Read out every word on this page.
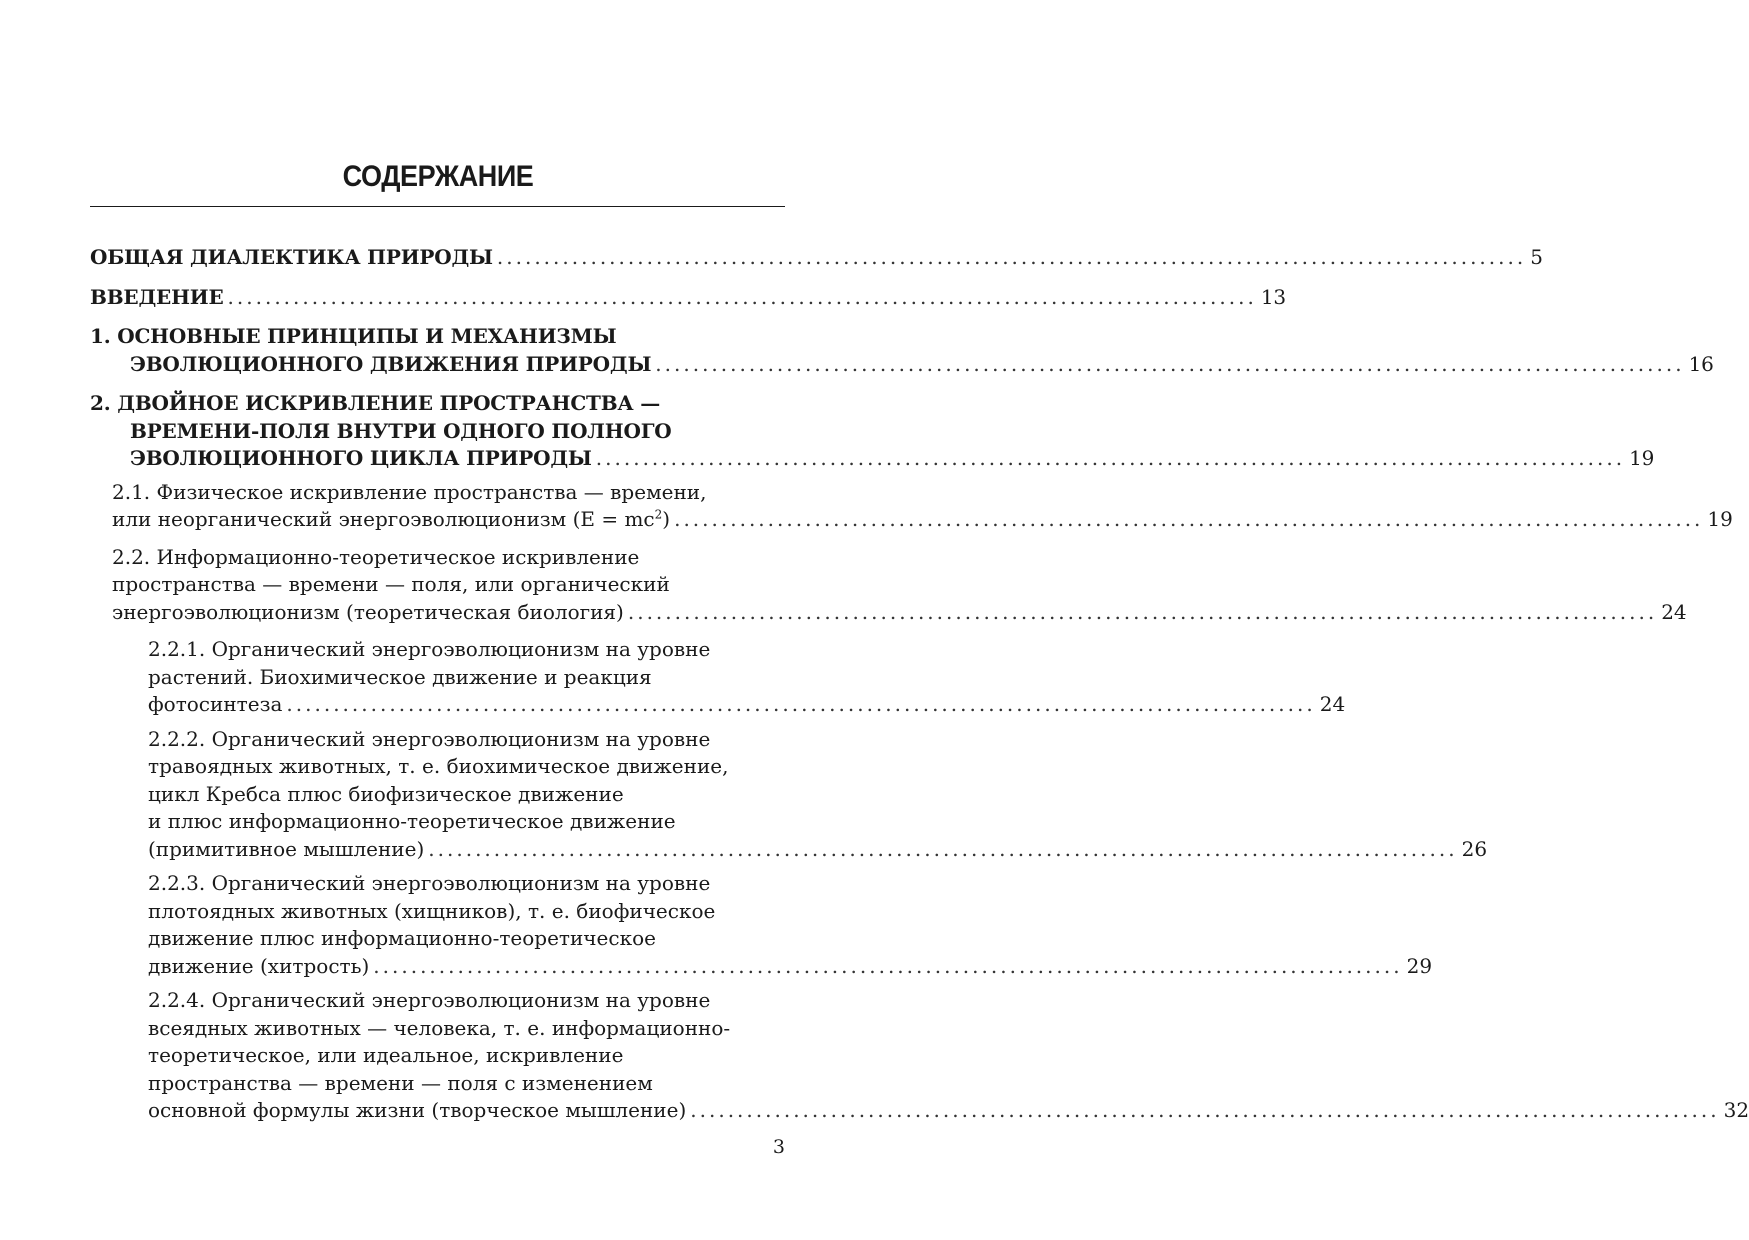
СОДЕРЖАНИЕ
ОБЩАЯ ДИАЛЕКТИКА ПРИРОДЫ .............................................................................................................. 5
ВВЕДЕНИЕ .............................................................................................................. 13
1. ОСНОВНЫЕ ПРИНЦИПЫ И МЕХАНИЗМЫ
ЭВОЛЮЦИОННОГО ДВИЖЕНИЯ ПРИРОДЫ .............................................................................................................. 16
2. ДВОЙНОЕ ИСКРИВЛЕНИЕ ПРОСТРАНСТВА —
ВРЕМЕНИ-ПОЛЯ ВНУТРИ ОДНОГО ПОЛНОГО
ЭВОЛЮЦИОННОГО ЦИКЛА ПРИРОДЫ .............................................................................................................. 19
2.1. Физическое искривление пространства — времени,
или неорганический энергоэволюционизм $(E = mc^2)$ .............................................................................................................. 19
2.2. Информационно-теоретическое искривление
пространства — времени — поля, или органический
энергоэволюционизм (теоретическая биология) .............................................................................................................. 24
2.2.1. Органический энергоэволюционизм на уровне
растений. Биохимическое движение и реакция
фотосинтеза .............................................................................................................. 24
2.2.2. Органический энергоэволюционизм на уровне
травоядных животных, т. е. биохимическое движение,
цикл Кребса плюс биофизическое движение
и плюс информационно-теоретическое движение
(примитивное мышление) .............................................................................................................. 26
2.2.3. Органический энергоэволюционизм на уровне
плотоядных животных (хищников), т. е. биофическое
движение плюс информационно-теоретическое
движение (хитрость) .............................................................................................................. 29
2.2.4. Органический энергоэволюционизм на уровне
всеядных животных — человека, т. е. информационно-
теоретическое, или идеальное, искривление
пространства — времени — поля с изменением
основной формулы жизни (творческое мышление) .............................................................................................................. 32
3
